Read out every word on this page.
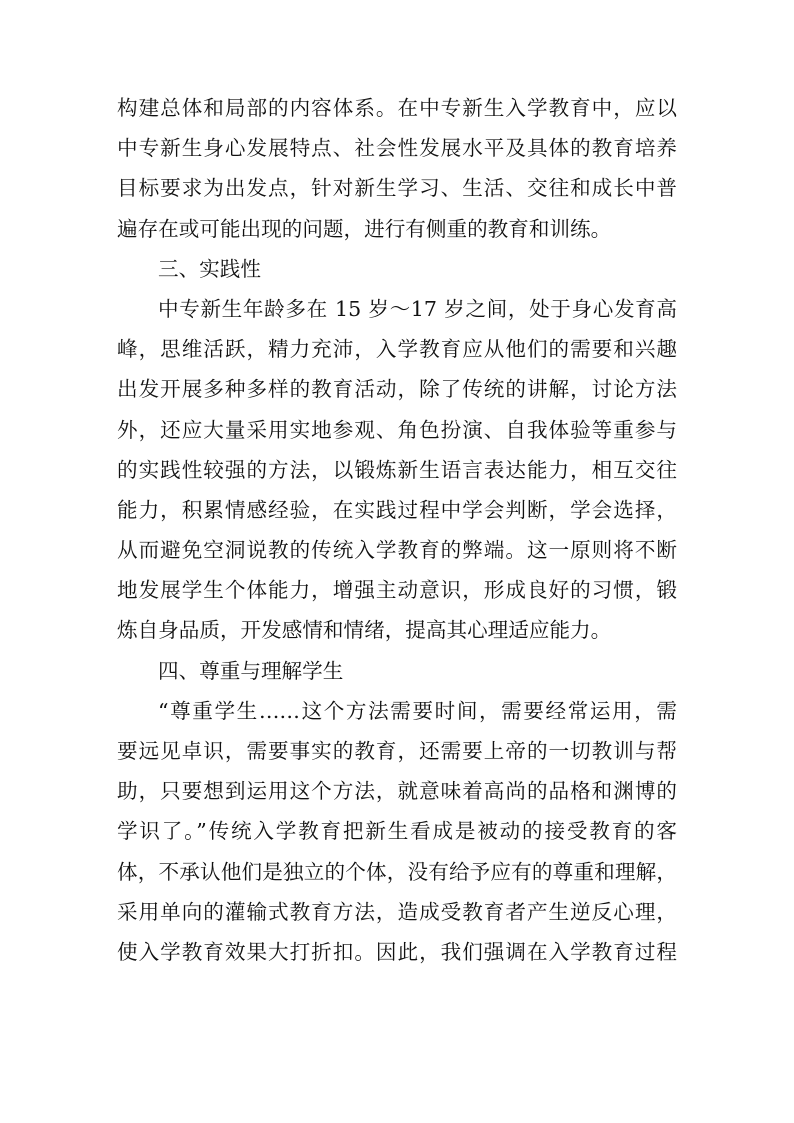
构建总体和局部的内容体系。在中专新生入学教育中，应以
中专新生身心发展特点、社会性发展水平及具体的教育培养
目标要求为出发点，针对新生学习、生活、交往和成长中普
遍存在或可能出现的问题，进行有侧重的教育和训练。
三、实践性
中专新生年龄多在 15 岁～17 岁之间，处于身心发育高
峰，思维活跃，精力充沛，入学教育应从他们的需要和兴趣
出发开展多种多样的教育活动，除了传统的讲解，讨论方法
外，还应大量采用实地参观、角色扮演、自我体验等重参与
的实践性较强的方法，以锻炼新生语言表达能力，相互交往
能力，积累情感经验，在实践过程中学会判断，学会选择，
从而避免空洞说教的传统入学教育的弊端。这一原则将不断
地发展学生个体能力，增强主动意识，形成良好的习惯，锻
炼自身品质，开发感情和情绪，提高其心理适应能力。
四、尊重与理解学生
“尊重学生……这个方法需要时间，需要经常运用，需
要远见卓识，需要事实的教育，还需要上帝的一切教训与帮
助，只要想到运用这个方法，就意味着高尚的品格和渊博的
学识了。”传统入学教育把新生看成是被动的接受教育的客
体，不承认他们是独立的个体，没有给予应有的尊重和理解，
采用单向的灌输式教育方法，造成受教育者产生逆反心理，
使入学教育效果大打折扣。因此，我们强调在入学教育过程
